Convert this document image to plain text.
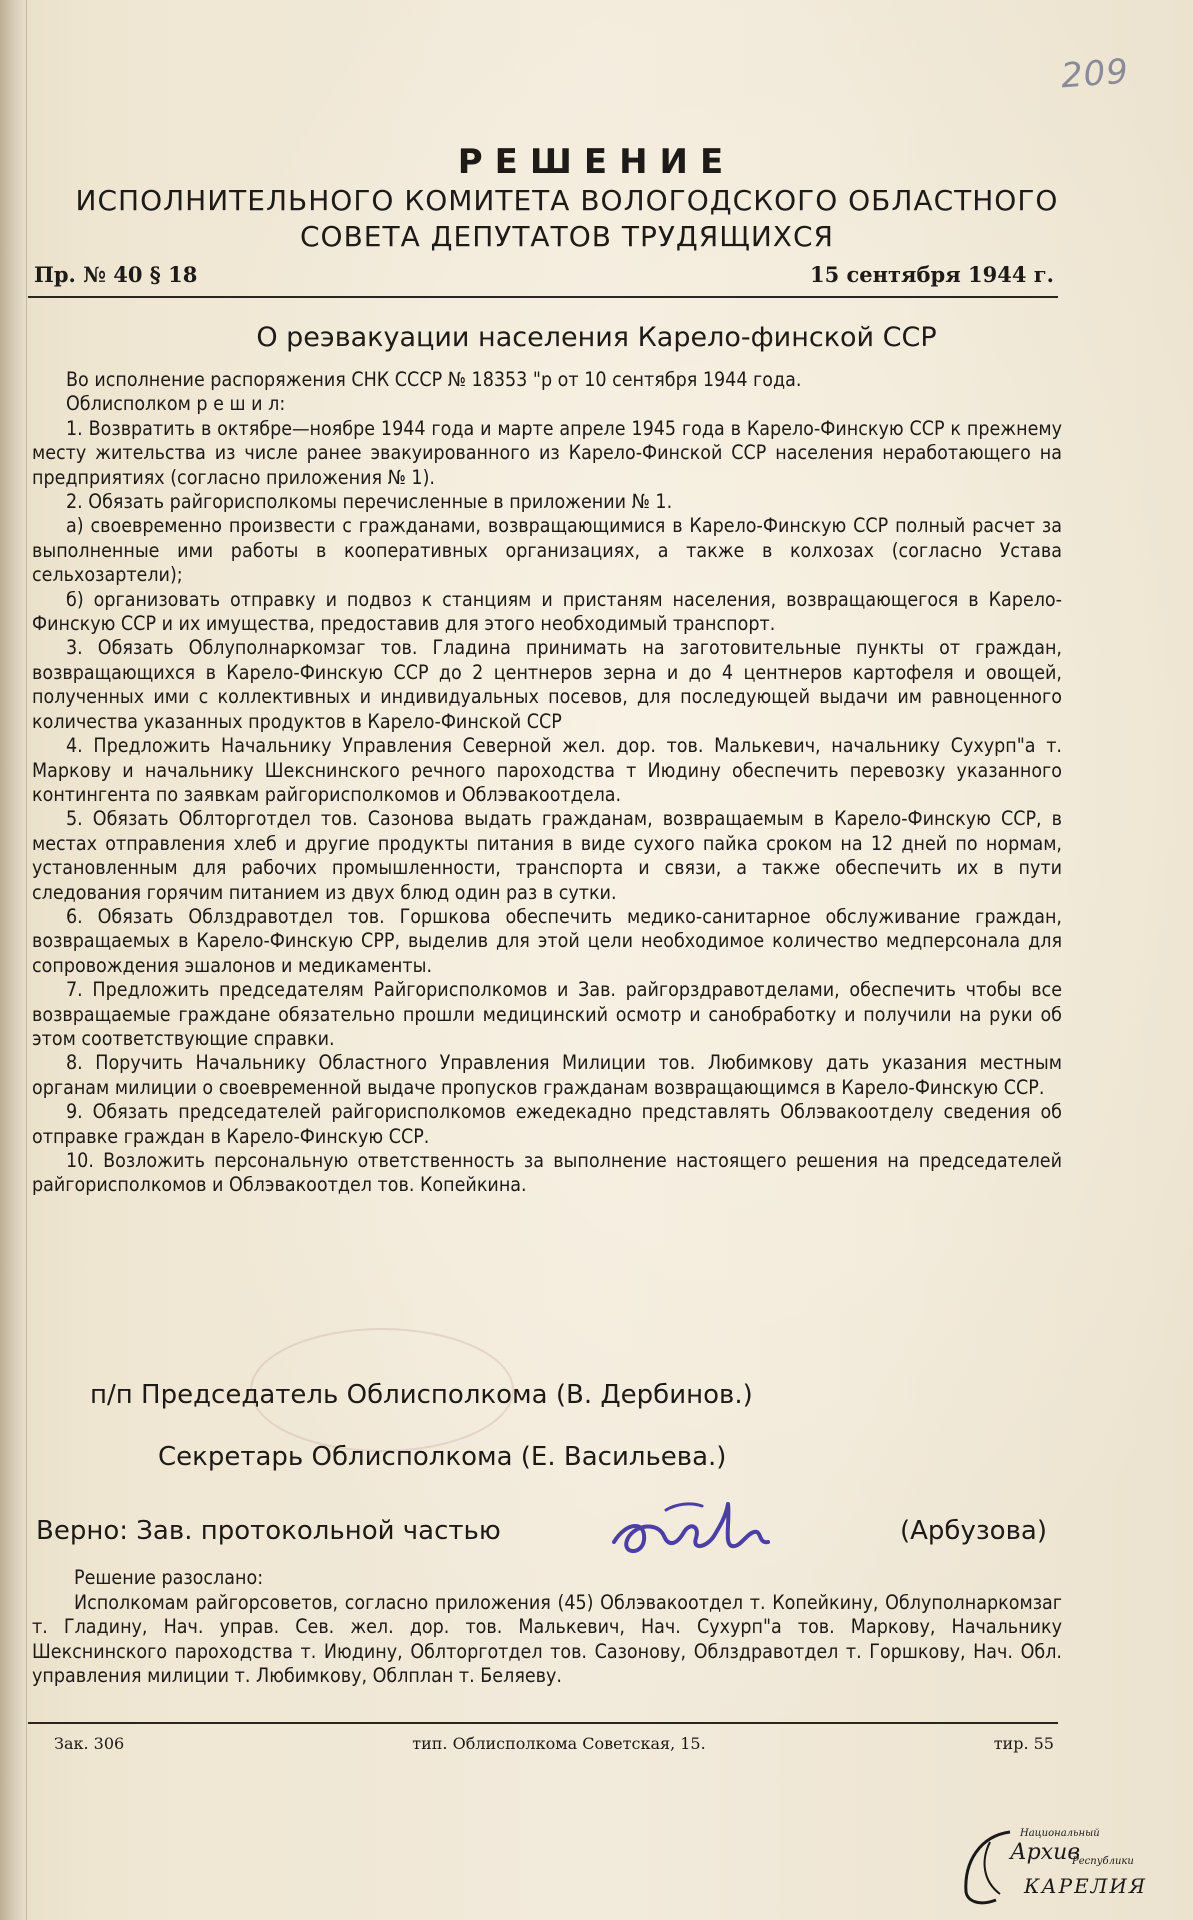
209
РЕШЕНИЕ
ИСПОЛНИТЕЛЬНОГО КОМИТЕТА ВОЛОГОДСКОГО ОБЛАСТНОГО
СОВЕТА ДЕПУТАТОВ ТРУДЯЩИХСЯ
Пр. № 40 § 18	15 сентября 1944 г.
О реэвакуации населения Карело-финской ССР

Во исполнение распоряжения СНК СССР № 18353 "р от 10 сентября 1944 года.

Облисполком р е ш и л:

1. Возвратить в октябре—ноябре 1944 года и марте апреле 1945 года в Карело-Финскую ССР к прежнему месту жительства из числе ранее эвакуированного из Карело-Финской ССР населения неработающего на предприятиях (согласно приложения № 1).

2. Обязать райгорисполкомы перечисленные в приложении № 1.

а) своевременно произвести с гражданами, возвращающимися в Карело-Финскую ССР полный расчет за выполненные ими работы в кооперативных организациях, а также в колхозах (согласно Устава сельхозартели);

б) организовать отправку и подвоз к станциям и пристаням населения, возвращающегося в Карело-Финскую ССР и их имущества, предоставив для этого необходимый транспорт.

3. Обязать Облуполнаркомзаг тов. Гладина принимать на заготовительные пункты от граждан, возвращающихся в Карело-Финскую ССР до 2 центнеров зерна и до 4 центнеров картофеля и овощей, полученных ими с коллективных и индивидуальных посевов, для последующей выдачи им равноценного количества указанных продуктов в Карело-Финской ССР

4. Предложить Начальнику Управления Северной жел. дор. тов. Малькевич, начальнику Сухурп"а т. Маркову и начальнику Шекснинского речного пароходства т Июдину обеспечить перевозку указанного контингента по заявкам райгорисполкомов и Облэвакоотдела.

5. Обязать Облторготдел тов. Сазонова выдать гражданам, возвращаемым в Карело-Финскую ССР, в местах отправления хлеб и другие продукты питания в виде сухого пайка сроком на 12 дней по нормам, установленным для рабочих промышленности, транспорта и связи, а также обеспечить их в пути следования горячим питанием из двух блюд один раз в сутки.

6. Обязать Облздравотдел тов. Горшкова обеспечить медико-санитарное обслуживание граждан, возвращаемых в Карело-Финскую СРР, выделив для этой цели необходимое количество медперсонала для сопровождения эшалонов и медикаменты.

7. Предложить председателям Райгорисполкомов и Зав. райгорздравотделами, обеспечить чтобы все возвращаемые граждане обязательно прошли медицинский осмотр и санобработку и получили на руки об этом соответствующие справки.

8. Поручить Начальнику Областного Управления Милиции тов. Любимкову дать указания местным органам милиции о своевременной выдаче пропусков гражданам возвращающимся в Карело-Финскую ССР.

9. Обязать председателей райгорисполкомов ежедекадно представлять Облэвакоотделу сведения об отправке граждан в Карело-Финскую ССР.

10. Возложить персональную ответственность за выполнение настоящего решения на председателей райгорисполкомов и Облэвакоотдел тов. Копейкина.

п/п Председатель Облисполкома (В. Дербинов.)
Секретарь Облисполкома (Е. Васильева.)
Верно: Зав. протокольной частью	(Арбузова)

Решение разослано:

Исполкомам райгорсоветов, согласно приложения (45) Облэвакоотдел т. Копейкину, Облуполнаркомзаг т. Гладину, Нач. управ. Сев. жел. дор. тов. Малькевич, Нач. Сухурп"а тов. Маркову, Начальнику Шекснинского пароходства т. Июдину, Облторготдел тов. Сазонову, Облздравотдел т. Горшкову, Нач. Обл. управления милиции т. Любимкову, Облплан т. Беляеву.

Зак. 306	тип. Облисполкома Советская, 15.	тир. 55
Национальный
Архив
Республики
КАРЕЛИЯ
